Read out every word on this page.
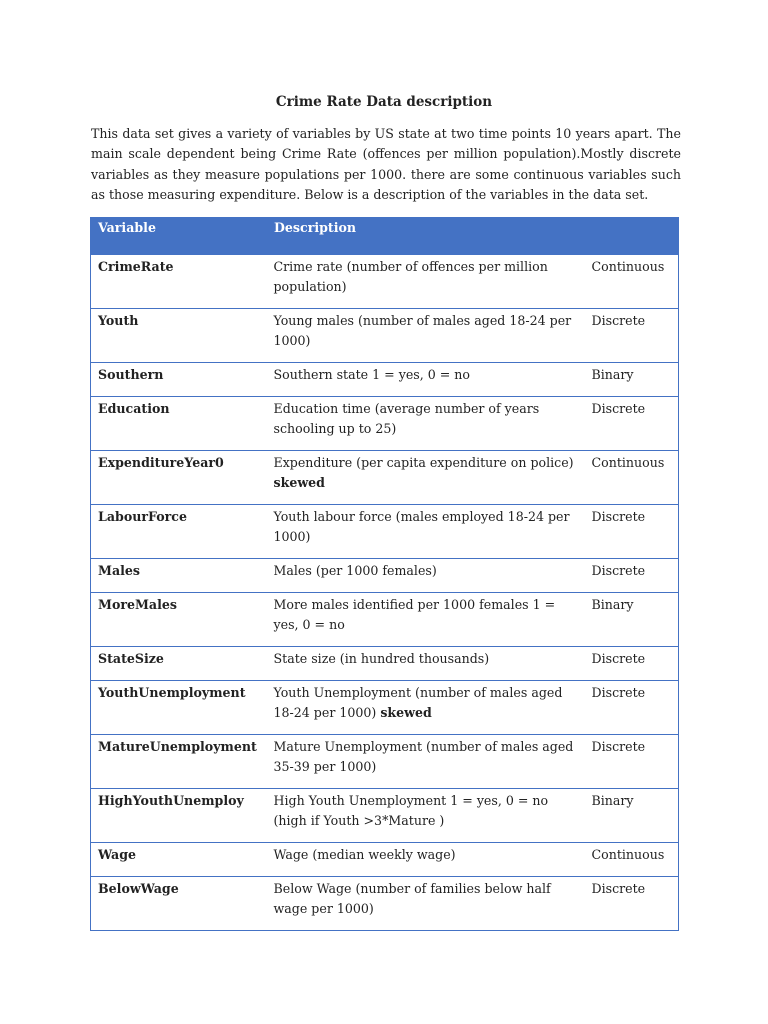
Crime Rate Data description
This data set gives a variety of variables by US state at two time points 10 years apart. The main scale dependent being Crime Rate (offences per million population).Mostly discrete variables as they measure populations per 1000. there are some continuous variables such as those measuring expenditure. Below is a description of the variables in the data set.
Variable	Description	
CrimeRate	Crime rate (number of offences per million population)	Continuous
Youth	Young males (number of males aged 18-24 per 1000)	Discrete
Southern	Southern state 1 = yes, 0 = no	Binary
Education	Education time (average number of years schooling up to 25)	Discrete
ExpenditureYear0	Expenditure (per capita expenditure on police) skewed	Continuous
LabourForce	Youth labour force (males employed 18-24 per 1000)	Discrete
Males	Males (per 1000 females)	Discrete
MoreMales	More males identified per 1000 females 1 = yes, 0 = no	Binary
StateSize	State size (in hundred thousands)	Discrete
YouthUnemployment	Youth Unemployment (number of males aged 18-24 per 1000) skewed	Discrete
MatureUnemployment	Mature Unemployment (number of males aged 35-39 per 1000)	Discrete
HighYouthUnemploy	High Youth Unemployment 1 = yes, 0 = no (high if Youth >3*Mature )	Binary
Wage	Wage (median weekly wage)	Continuous
BelowWage	Below Wage (number of families below half wage per 1000)	Discrete
